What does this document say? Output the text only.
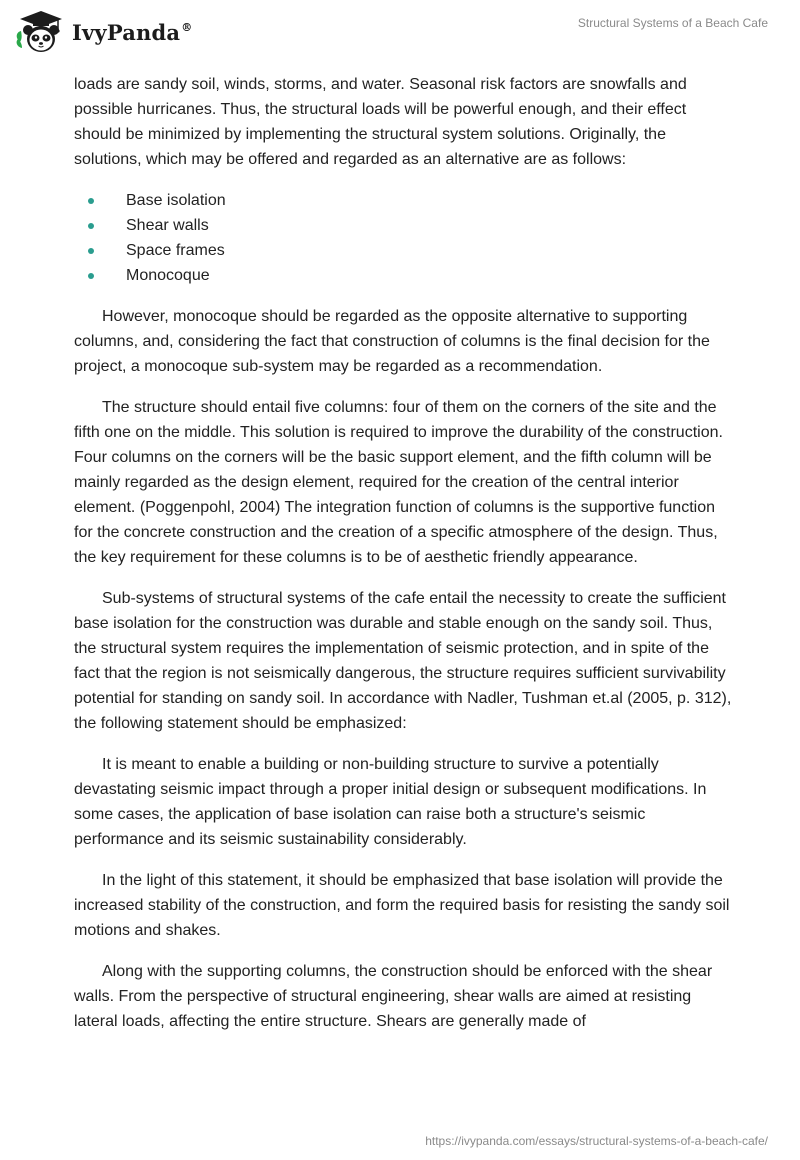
IvyPanda®	Structural Systems of a Beach Cafe

loads are sandy soil, winds, storms, and water. Seasonal risk factors are snowfalls and possible hurricanes. Thus, the structural loads will be powerful enough, and their effect should be minimized by implementing the structural system solutions. Originally, the solutions, which may be offered and regarded as an alternative are as follows:

Base isolation
Shear walls
Space frames
Monocoque

However, monocoque should be regarded as the opposite alternative to supporting columns, and, considering the fact that construction of columns is the final decision for the project, a monocoque sub-system may be regarded as a recommendation.

The structure should entail five columns: four of them on the corners of the site and the fifth one on the middle. This solution is required to improve the durability of the construction. Four columns on the corners will be the basic support element, and the fifth column will be mainly regarded as the design element, required for the creation of the central interior element. (Poggenpohl, 2004) The integration function of columns is the supportive function for the concrete construction and the creation of a specific atmosphere of the design. Thus, the key requirement for these columns is to be of aesthetic friendly appearance.

Sub-systems of structural systems of the cafe entail the necessity to create the sufficient base isolation for the construction was durable and stable enough on the sandy soil. Thus, the structural system requires the implementation of seismic protection, and in spite of the fact that the region is not seismically dangerous, the structure requires sufficient survivability potential for standing on sandy soil. In accordance with Nadler, Tushman et.al (2005, p. 312), the following statement should be emphasized:

It is meant to enable a building or non-building structure to survive a potentially devastating seismic impact through a proper initial design or subsequent modifications. In some cases, the application of base isolation can raise both a structure's seismic performance and its seismic sustainability considerably.

In the light of this statement, it should be emphasized that base isolation will provide the increased stability of the construction, and form the required basis for resisting the sandy soil motions and shakes.

Along with the supporting columns, the construction should be enforced with the shear walls. From the perspective of structural engineering, shear walls are aimed at resisting lateral loads, affecting the entire structure. Shears are generally made of

https://ivypanda.com/essays/structural-systems-of-a-beach-cafe/
